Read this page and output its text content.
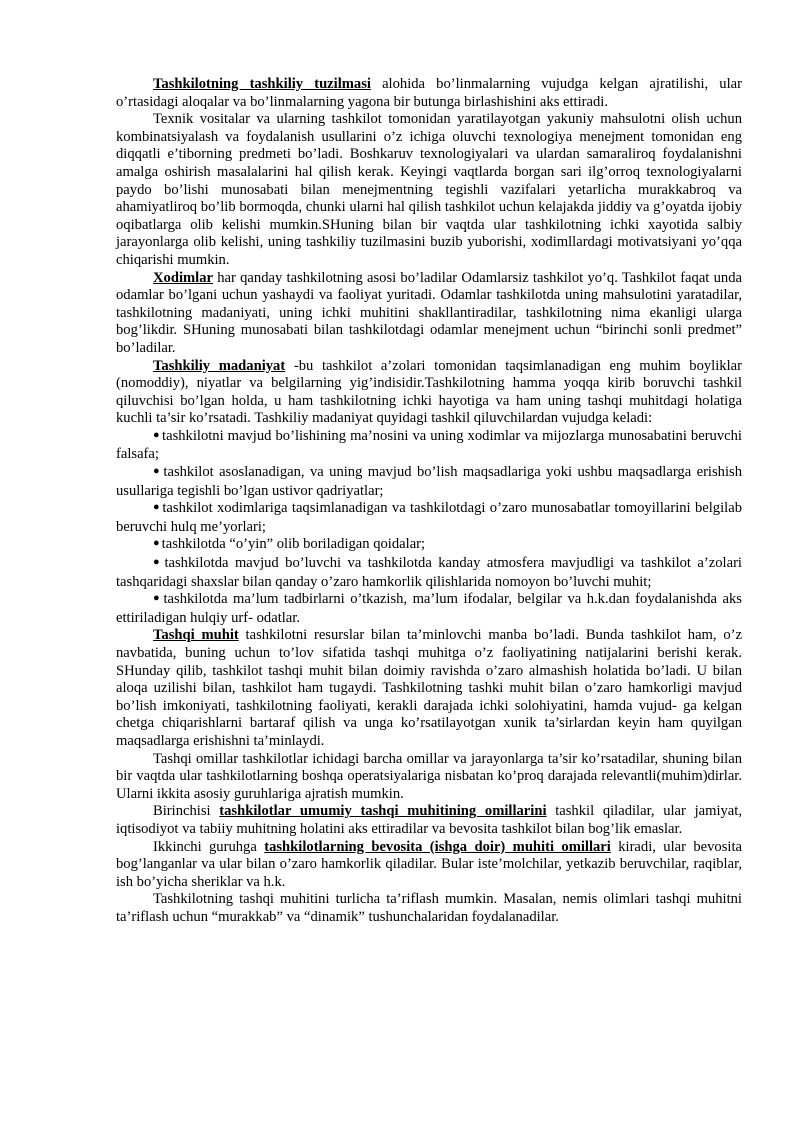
Tashkilotning tashkiliy tuzilmasi alohida bo’linmalarning vujudga kelgan ajratilishi, ular o’rtasidagi aloqalar va bo’linmalarning yagona bir butunga birlashishini aks ettiradi.

Texnik vositalar va ularning tashkilot tomonidan yaratilayotgan yakuniy mahsulotni olish uchun kombinatsiyalash va foydalanish usullarini o’z ichiga oluvchi texnologiya menejment tomonidan eng diqqatli e’tiborning predmeti bo’ladi. Boshkaruv texnologiyalari va ulardan samaraliroq foydalanishni amalga oshirish masalalarini hal qilish kerak. Keyingi vaqtlarda borgan sari ilg’orroq texnologiyalarni paydo bo’lishi munosabati bilan menejmentning tegishli vazifalari yetarlicha murakkabroq va ahamiyatliroq bo’lib bormoqda, chunki ularni hal qilish tashkilot uchun kelajakda jiddiy va g’oyatda ijobiy oqibatlarga olib kelishi mumkin.SHuning bilan bir vaqtda ular tashkilotning ichki xayotida salbiy jarayonlarga olib kelishi, uning tashkiliy tuzilmasini buzib yuborishi, xodimllardagi motivatsiyani yo’qqa chiqarishi mumkin.

Xodimlar har qanday tashkilotning asosi bo’ladilar Odamlarsiz tashkilot yo’q. Tashkilot faqat unda odamlar bo’lgani uchun yashaydi va faoliyat yuritadi. Odamlar tashkilotda uning mahsulotini yaratadilar, tashkilotning madaniyati, uning ichki muhitini shakllantiradilar, tashkilotning nima ekanligi ularga bog’likdir. SHuning munosabati bilan tashkilotdagi odamlar menejment uchun “birinchi sonli predmet” bo’ladilar.

Tashkiliy madaniyat -bu tashkilot a’zolari tomonidan taqsimlanadigan eng muhim boyliklar (nomoddiy), niyatlar va belgilarning yig’indisidir.Tashkilotning hamma yoqqa kirib boruvchi tashkil qiluvchisi bo’lgan holda, u ham tashkilotning ichki hayotiga va ham uning tashqi muhitdagi holatiga kuchli ta’sir ko’rsatadi. Tashkiliy madaniyat quyidagi tashkil qiluvchilardan vujudga keladi:

● tashkilotni mavjud bo’lishining ma’nosini va uning xodimlar va mijozlarga munosabatini beruvchi falsafa;

● tashkilot asoslanadigan, va uning mavjud bo’lish maqsadlariga yoki ushbu maqsadlarga erishish usullariga tegishli bo’lgan ustivor qadriyatlar;

● tashkilot xodimlariga taqsimlanadigan va tashkilotdagi o’zaro munosabatlar tomoyillarini belgilab beruvchi hulq me’yorlari;

● tashkilotda “o’yin” olib boriladigan qoidalar;

● tashkilotda mavjud bo’luvchi va tashkilotda kanday atmosfera mavjudligi va tashkilot a’zolari tashqaridagi shaxslar bilan qanday o’zaro hamkorlik qilishlarida nomoyon bo’luvchi muhit;

● tashkilotda ma’lum tadbirlarni o’tkazish, ma’lum ifodalar, belgilar va h.k.dan foydalanishda aks ettiriladigan hulqiy urf- odatlar.

Tashqi muhit tashkilotni resurslar bilan ta’minlovchi manba bo’ladi. Bunda tashkilot ham, o’z navbatida, buning uchun to’lov sifatida tashqi muhitga o’z faoliyatining natijalarini berishi kerak. SHunday qilib, tashkilot tashqi muhit bilan doimiy ravishda o’zaro almashish holatida bo’ladi. U bilan aloqa uzilishi bilan, tashkilot ham tugaydi. Tashkilotning tashki muhit bilan o’zaro hamkorligi mavjud bo’lish imkoniyati, tashkilotning faoliyati, kerakli darajada ichki solohiyatini, hamda vujud- ga kelgan chetga chiqarishlarni bartaraf qilish va unga ko’rsatilayotgan xunik ta’sirlardan keyin ham quyilgan maqsadlarga erishishni ta’minlaydi.

Tashqi omillar tashkilotlar ichidagi barcha omillar va jarayonlarga ta’sir ko’rsatadilar, shuning bilan bir vaqtda ular tashkilotlarning boshqa operatsiyalariga nisbatan ko’proq darajada relevantli(muhim)dirlar. Ularni ikkita asosiy guruhlariga ajratish mumkin.

Birinchisi tashkilotlar umumiy tashqi muhitining omillarini tashkil qiladilar, ular jamiyat, iqtisodiyot va tabiiy muhitning holatini aks ettiradilar va bevosita tashkilot bilan bog’lik emaslar.

Ikkinchi guruhga tashkilotlarning bevosita (ishga doir) muhiti omillari kiradi, ular bevosita bog’langanlar va ular bilan o’zaro hamkorlik qiladilar. Bular iste’molchilar, yetkazib beruvchilar, raqiblar, ish bo’yicha sheriklar va h.k.

Tashkilotning tashqi muhitini turlicha ta’riflash mumkin. Masalan, nemis olimlari tashqi muhitni ta’riflash uchun “murakkab” va “dinamik” tushunchalaridan foydalanadilar.
